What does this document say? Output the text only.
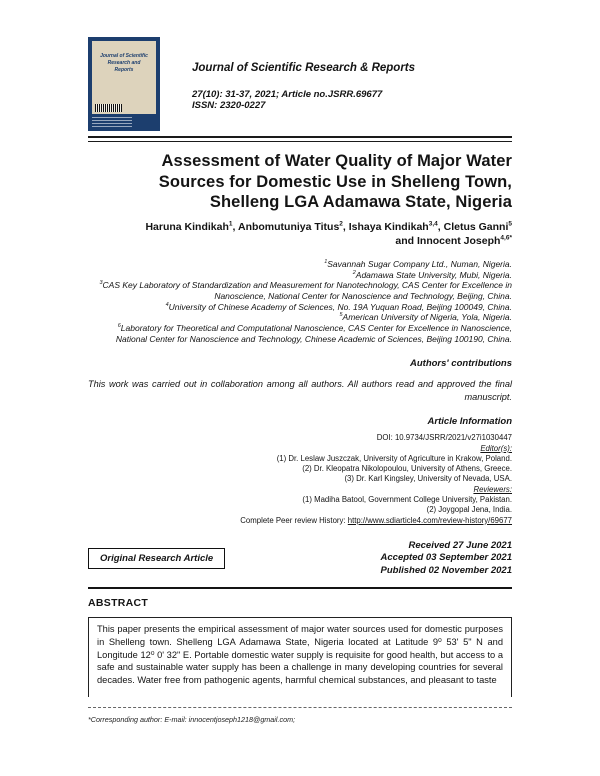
Journal of Scientific Research and Reports	Journal of Scientific Research & Reports
27(10): 31-37, 2021; Article no.JSRR.69677
ISSN: 2320-0227
Assessment of Water Quality of Major Water
Sources for Domestic Use in Shelleng Town,
Shelleng LGA Adamawa State, Nigeria
Haruna Kindikah$^1$, Anbomutuniya Titus$^2$, Ishaya Kindikah$^{3,4}$, Cletus Ganni$^5$
and Innocent Joseph$^{4,6*}$
$^1$Savannah Sugar Company Ltd., Numan, Nigeria.
$^2$Adamawa State University, Mubi, Nigeria.
$^3$CAS Key Laboratory of Standardization and Measurement for Nanotechnology, CAS Center for Excellence in Nanoscience, National Center for Nanoscience and Technology, Beijing, China.
$^4$University of Chinese Academy of Sciences, No. 19A Yuquan Road, Beijing 100049, China.
$^5$American University of Nigeria, Yola, Nigeria.
$^6$Laboratory for Theoretical and Computational Nanoscience, CAS Center for Excellence in Nanoscience, National Center for Nanoscience and Technology, Chinese Academic of Sciences, Beijing 100190, China.
Authors' contributions
This work was carried out in collaboration among all authors. All authors read and approved the final manuscript.
Article Information
DOI: 10.9734/JSRR/2021/v27i1030447
Editor(s):
(1) Dr. Leslaw Juszczak, University of Agriculture in Krakow, Poland.
(2) Dr. Kleopatra Nikolopoulou, University of Athens, Greece.
(3) Dr. Karl Kingsley, University of Nevada, USA.
Reviewers:
(1) Madiha Batool, Government College University, Pakistan.
(2) Joygopal Jena, India.
Complete Peer review History: http://www.sdiarticle4.com/review-history/69677
Original Research Article
Received 27 June 2021
Accepted 03 September 2021
Published 02 November 2021
ABSTRACT
This paper presents the empirical assessment of major water sources used for domestic purposes in Shelleng town. Shelleng LGA Adamawa State, Nigeria located at Latitude 9⁰ 53' 5" N and Longitude 12⁰ 0' 32" E. Portable domestic water supply is requisite for good health, but access to a safe and sustainable water supply has been a challenge in many developing countries for several decades. Water free from pathogenic agents, harmful chemical substances, and pleasant to taste
*Corresponding author: E-mail: innocentjoseph1218@gmail.com;
